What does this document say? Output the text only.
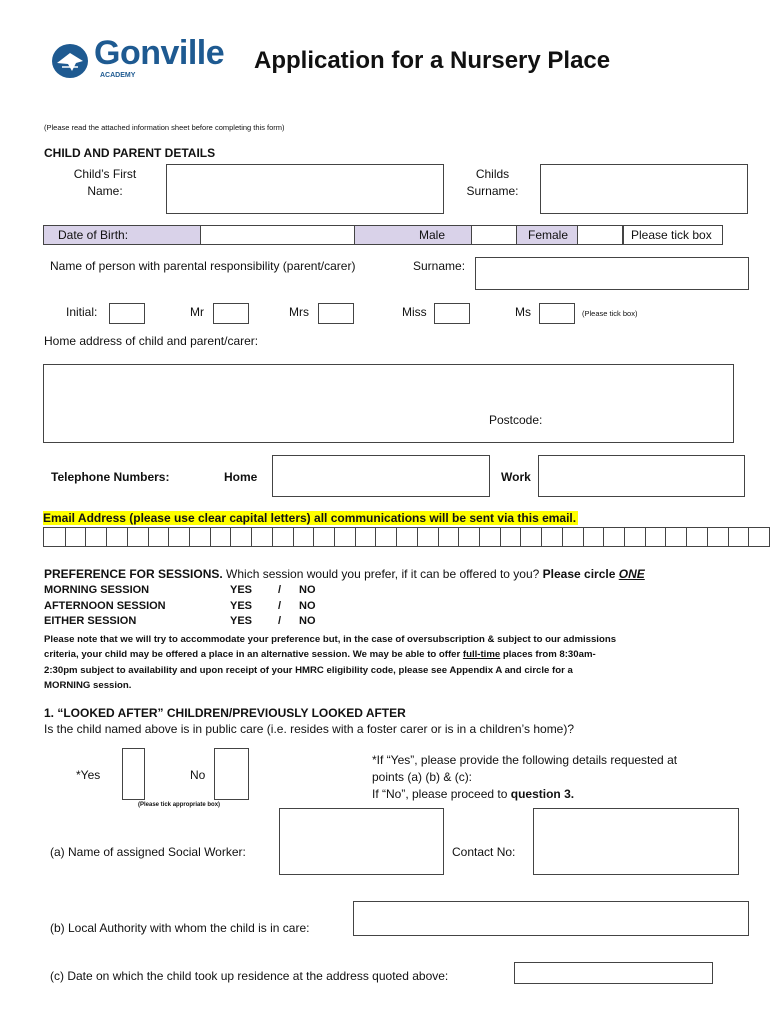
Gonville
ACADEMY
Application for a Nursery Place
(Please read the attached information sheet before completing this form)
CHILD AND PARENT DETAILS
Child’s First
Name:
Childs
Surname:
Date of Birth:	Male	Female	Please tick box
Name of person with parental responsibility (parent/carer)	Surname:
Initial:	Mr	Mrs	Miss	Ms	(Please tick box)
Home address of child and parent/carer:
Postcode:
Telephone Numbers:	Home	Work
Email Address (please use clear capital letters) all communications will be sent via this email.
PREFERENCE FOR SESSIONS. Which session would you prefer, if it can be offered to you? Please circle ONE
MORNING SESSION	YES / NO
AFTERNOON SESSION	YES / NO
EITHER SESSION	YES / NO
Please note that we will try to accommodate your preference but, in the case of oversubscription & subject to our admissions
criteria, your child may be offered a place in an alternative session. We may be able to offer full-time places from 8:30am-
2:30pm subject to availability and upon receipt of your HMRC eligibility code, please see Appendix A and circle for a
MORNING session.
1. “LOOKED AFTER” CHILDREN/PREVIOUSLY LOOKED AFTER
Is the child named above is in public care (i.e. resides with a foster carer or is in a children’s home)?
*Yes	No
(Please tick appropriate box)
*If “Yes”, please provide the following details requested at
points (a) (b) & (c):
If “No”, please proceed to question 3.
(a) Name of assigned Social Worker:	Contact No:
(b) Local Authority with whom the child is in care:
(c) Date on which the child took up residence at the address quoted above:
